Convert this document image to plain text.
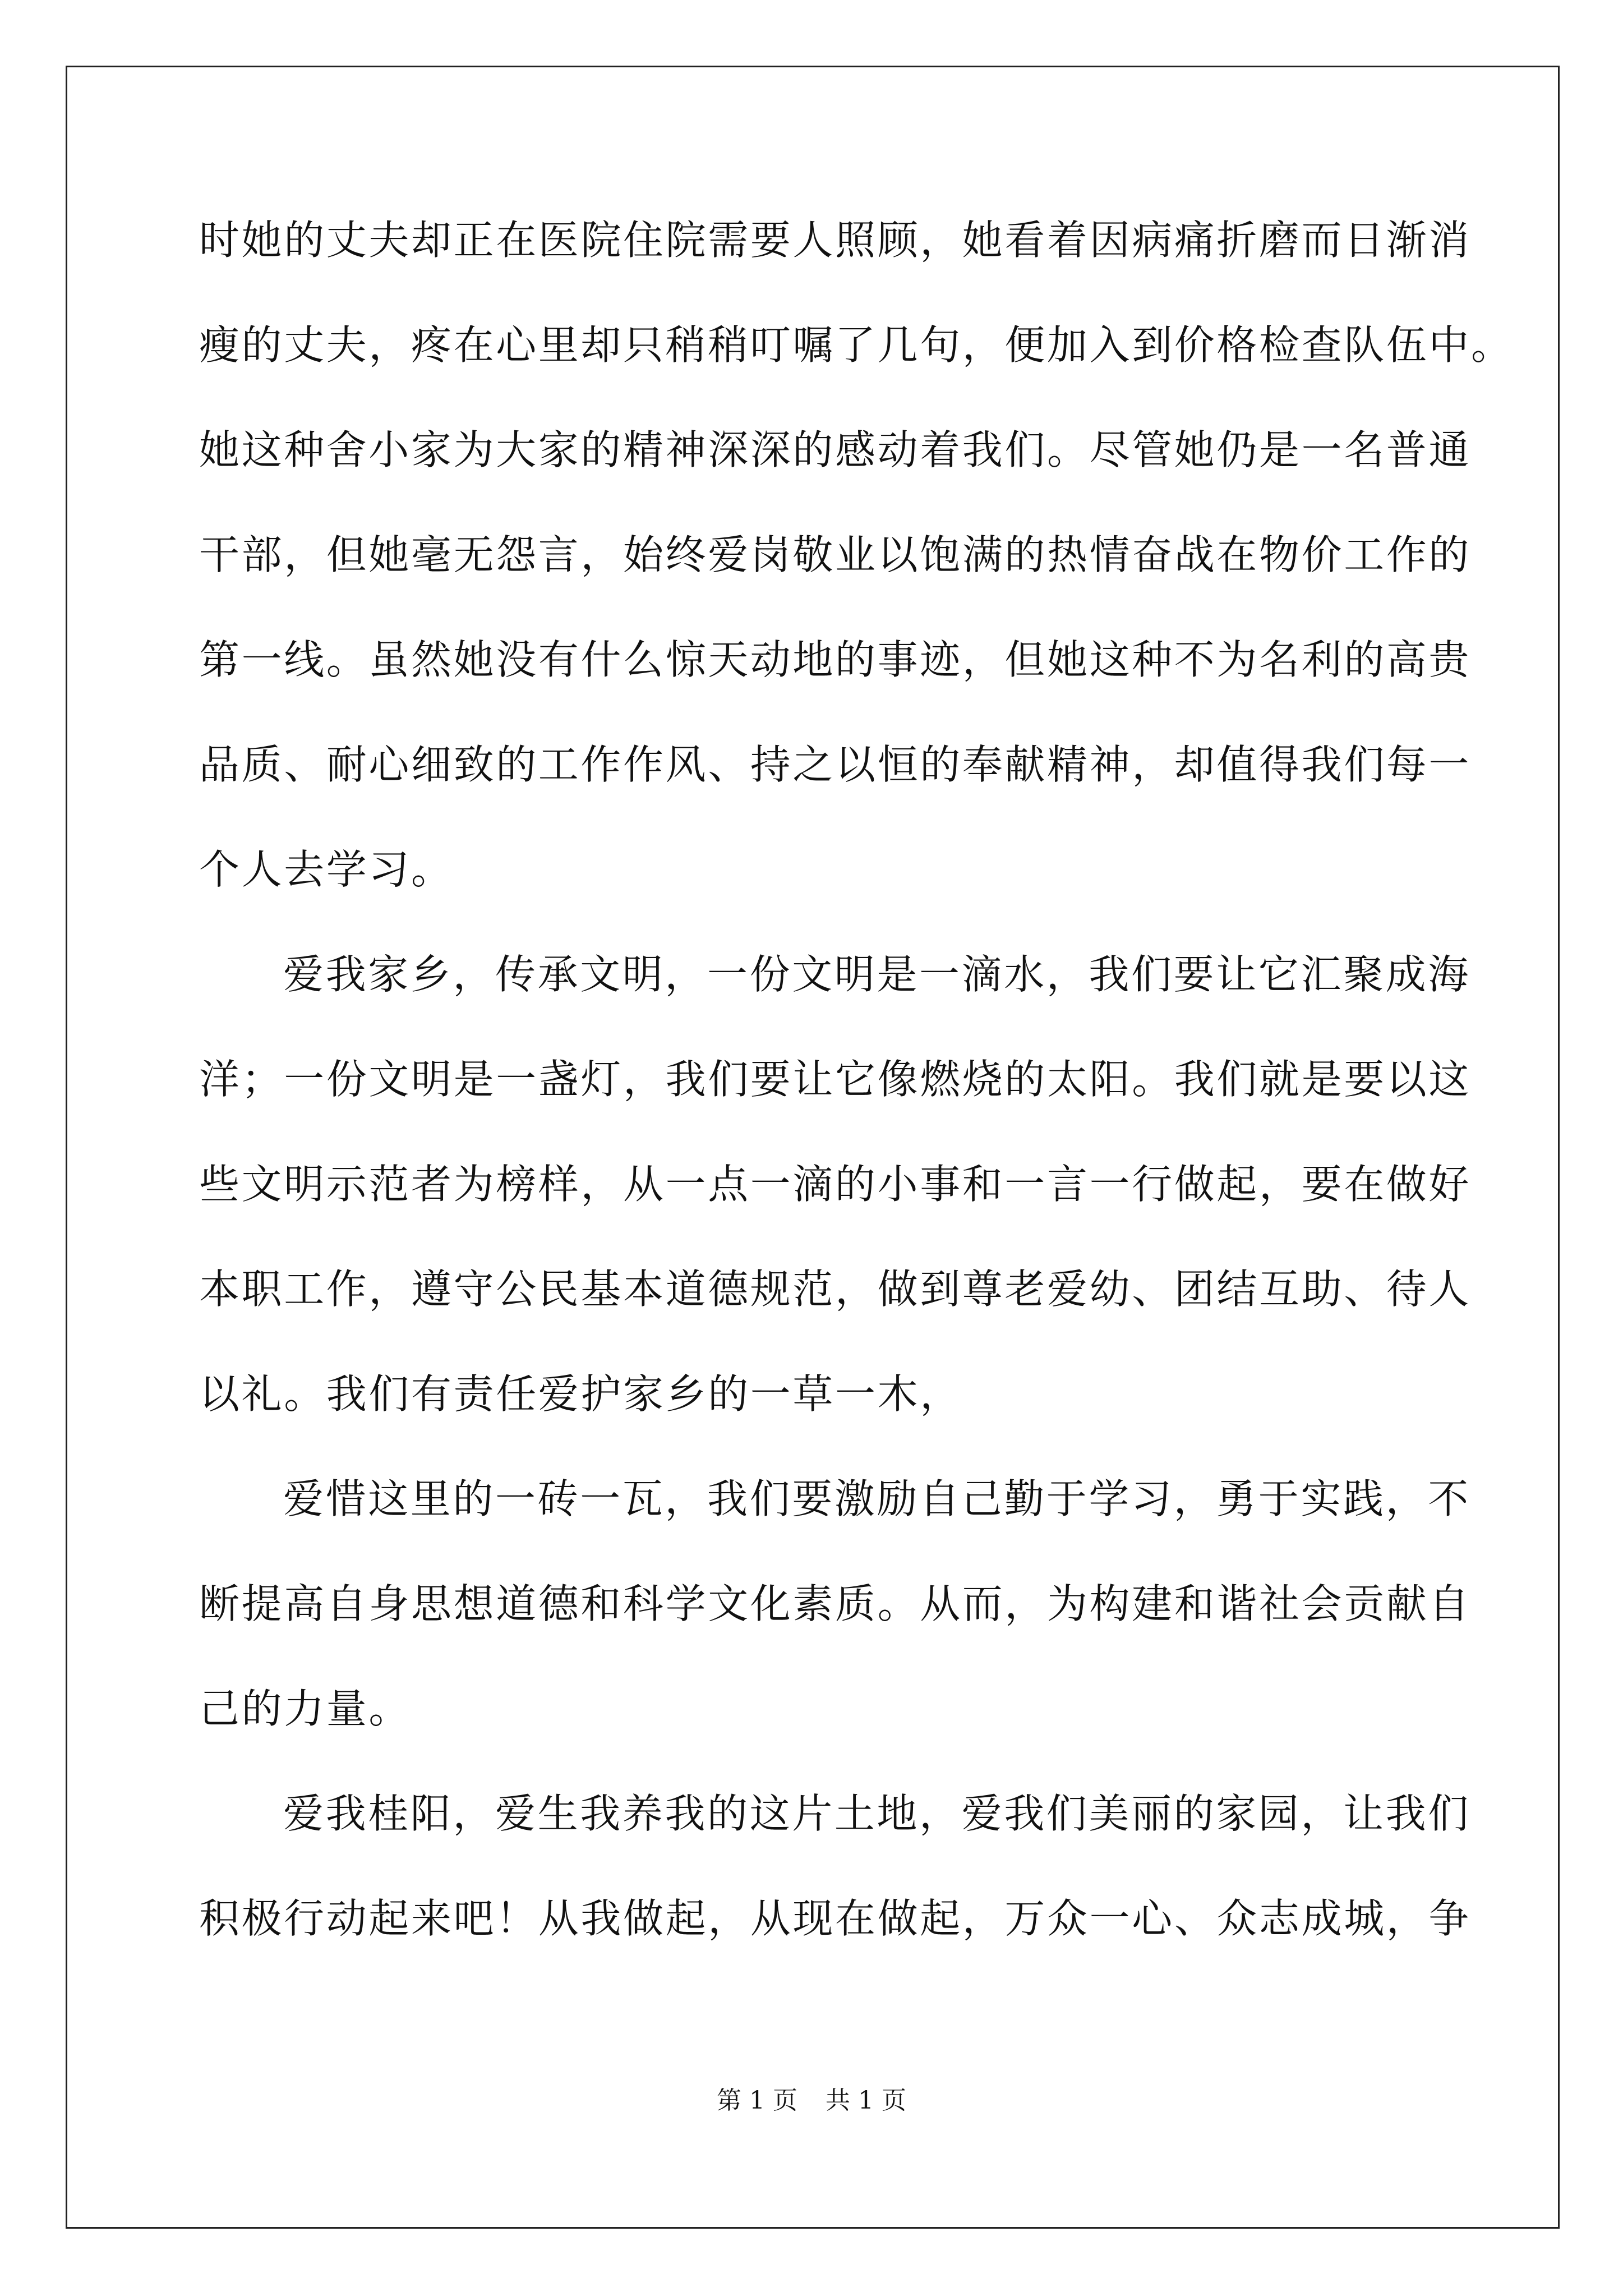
时她的丈夫却正在医院住院需要人照顾，她看着因病痛折磨而日渐消
瘦的丈夫，疼在心里却只稍稍叮嘱了几句，便加入到价格检查队伍中。
她这种舍小家为大家的精神深深的感动着我们。尽管她仍是一名普通
干部，但她毫无怨言，始终爱岗敬业以饱满的热情奋战在物价工作的
第一线。虽然她没有什么惊天动地的事迹，但她这种不为名利的高贵
品质、耐心细致的工作作风、持之以恒的奉献精神，却值得我们每一
个人去学习。
爱我家乡，传承文明，一份文明是一滴水，我们要让它汇聚成海
洋；一份文明是一盏灯，我们要让它像燃烧的太阳。我们就是要以这
些文明示范者为榜样，从一点一滴的小事和一言一行做起，要在做好
本职工作，遵守公民基本道德规范，做到尊老爱幼、团结互助、待人
以礼。我们有责任爱护家乡的一草一木，
爱惜这里的一砖一瓦，我们要激励自己勤于学习，勇于实践，不
断提高自身思想道德和科学文化素质。从而，为构建和谐社会贡献自
己的力量。
爱我桂阳，爱生我养我的这片土地，爱我们美丽的家园，让我们
积极行动起来吧！从我做起，从现在做起，万众一心、众志成城，争
第 1 页 共 1 页
